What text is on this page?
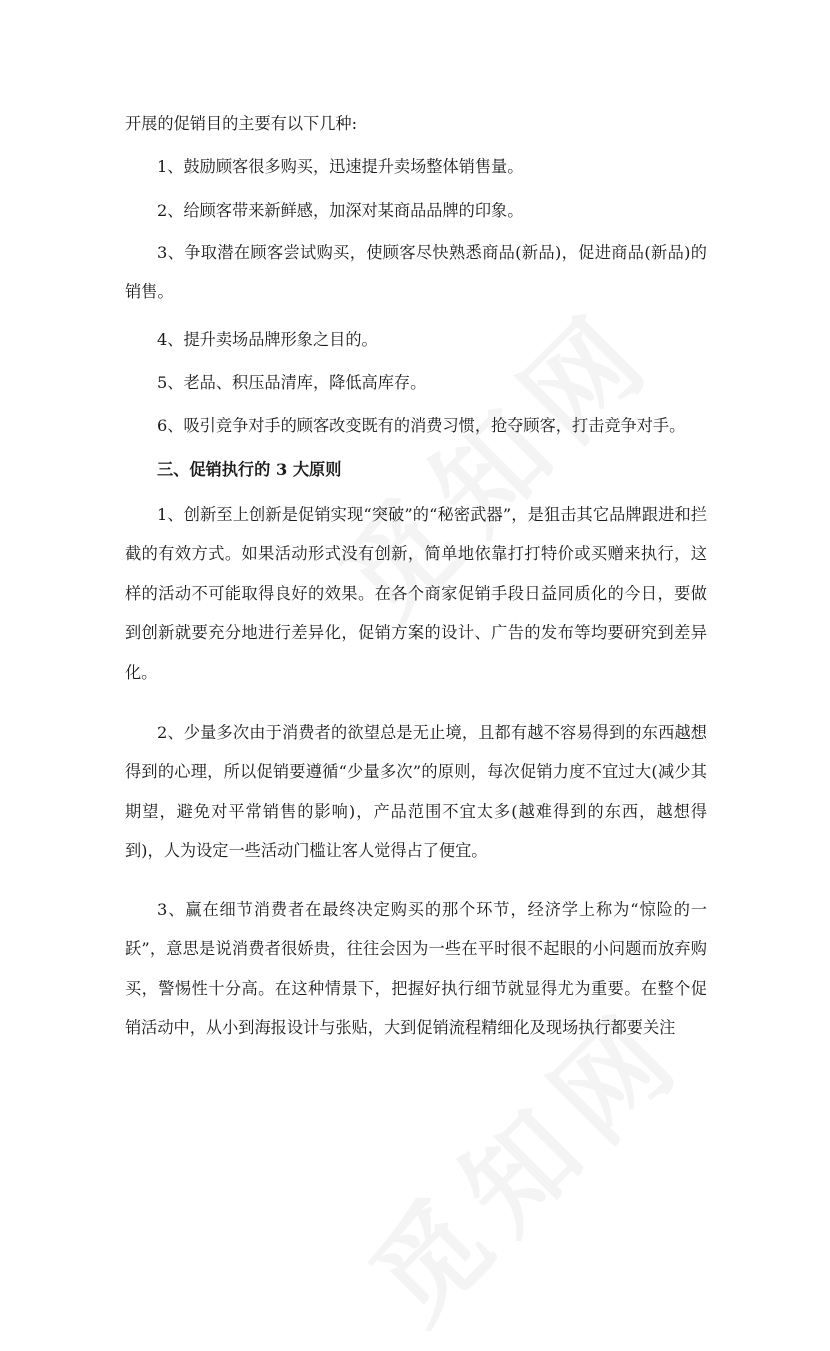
开展的促销目的主要有以下几种:

1、鼓励顾客很多购买，迅速提升卖场整体销售量。

2、给顾客带来新鲜感，加深对某商品品牌的印象。

3、争取潜在顾客尝试购买，使顾客尽快熟悉商品(新品)，促进商品(新品)的销售。

4、提升卖场品牌形象之目的。

5、老品、积压品清库，降低高库存。

6、吸引竞争对手的顾客改变既有的消费习惯，抢夺顾客，打击竞争对手。

三、促销执行的 3 大原则

1、创新至上创新是促销实现“突破”的“秘密武器”，是狙击其它品牌跟进和拦截的有效方式。如果活动形式没有创新，简单地依靠打打特价或买赠来执行，这样的活动不可能取得良好的效果。在各个商家促销手段日益同质化的今日，要做到创新就要充分地进行差异化，促销方案的设计、广告的发布等均要研究到差异化。

2、少量多次由于消费者的欲望总是无止境，且都有越不容易得到的东西越想得到的心理，所以促销要遵循“少量多次”的原则，每次促销力度不宜过大(减少其期望，避免对平常销售的影响)，产品范围不宜太多(越难得到的东西，越想得到)，人为设定一些活动门槛让客人觉得占了便宜。

3、赢在细节消费者在最终决定购买的那个环节，经济学上称为“惊险的一跃”，意思是说消费者很娇贵，往往会因为一些在平时很不起眼的小问题而放弃购买，警惕性十分高。在这种情景下，把握好执行细节就显得尤为重要。在整个促销活动中，从小到海报设计与张贴，大到促销流程精细化及现场执行都要关注
